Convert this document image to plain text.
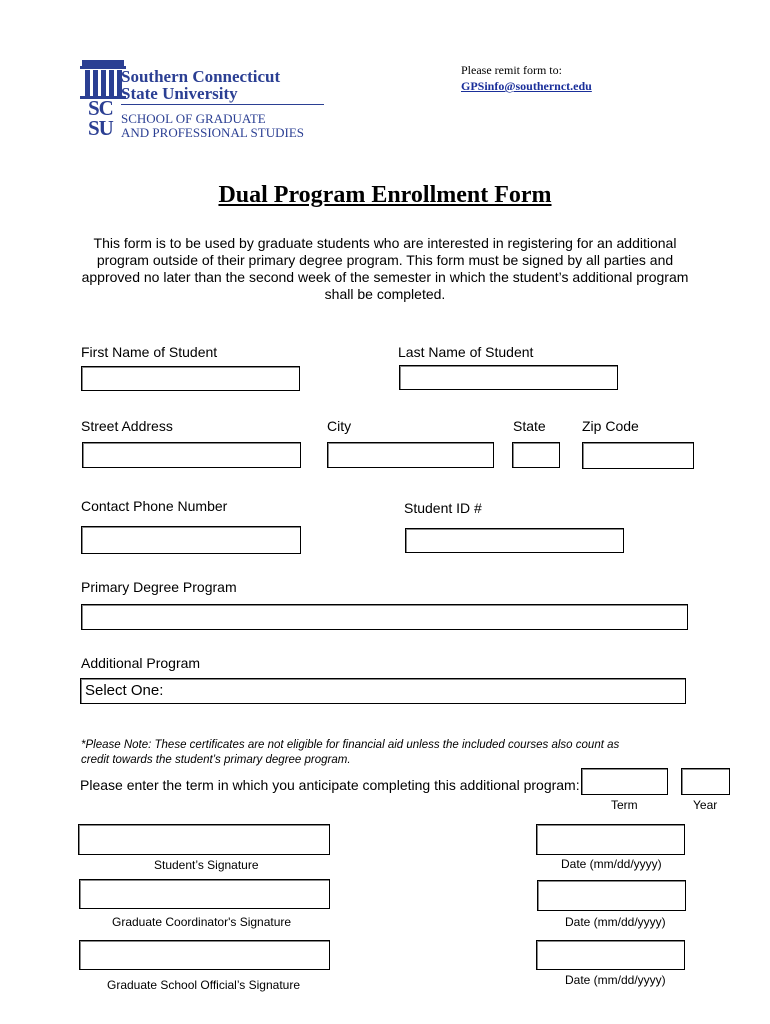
Southern Connecticut
State University
SC
SU SCHOOL OF GRADUATE
AND PROFESSIONAL STUDIES
Please remit form to:
GPSinfo@southernct.edu
Dual Program Enrollment Form
This form is to be used by graduate students who are interested in registering for an additional
program outside of their primary degree program. This form must be signed by all parties and
approved no later than the second week of the semester in which the student’s additional program
shall be completed.
First Name of Student	Last Name of Student
Street Address	City	State	Zip Code
Contact Phone Number	Student ID #
Primary Degree Program
Additional Program
Select One:
*Please Note: These certificates are not eligible for financial aid unless the included courses also count as
credit towards the student’s primary degree program.
Please enter the term in which you anticipate completing this additional program:
Term	Year
Student’s Signature	Date (mm/dd/yyyy)
Graduate Coordinator's Signature	Date (mm/dd/yyyy)
Graduate School Official’s Signature	Date (mm/dd/yyyy)
